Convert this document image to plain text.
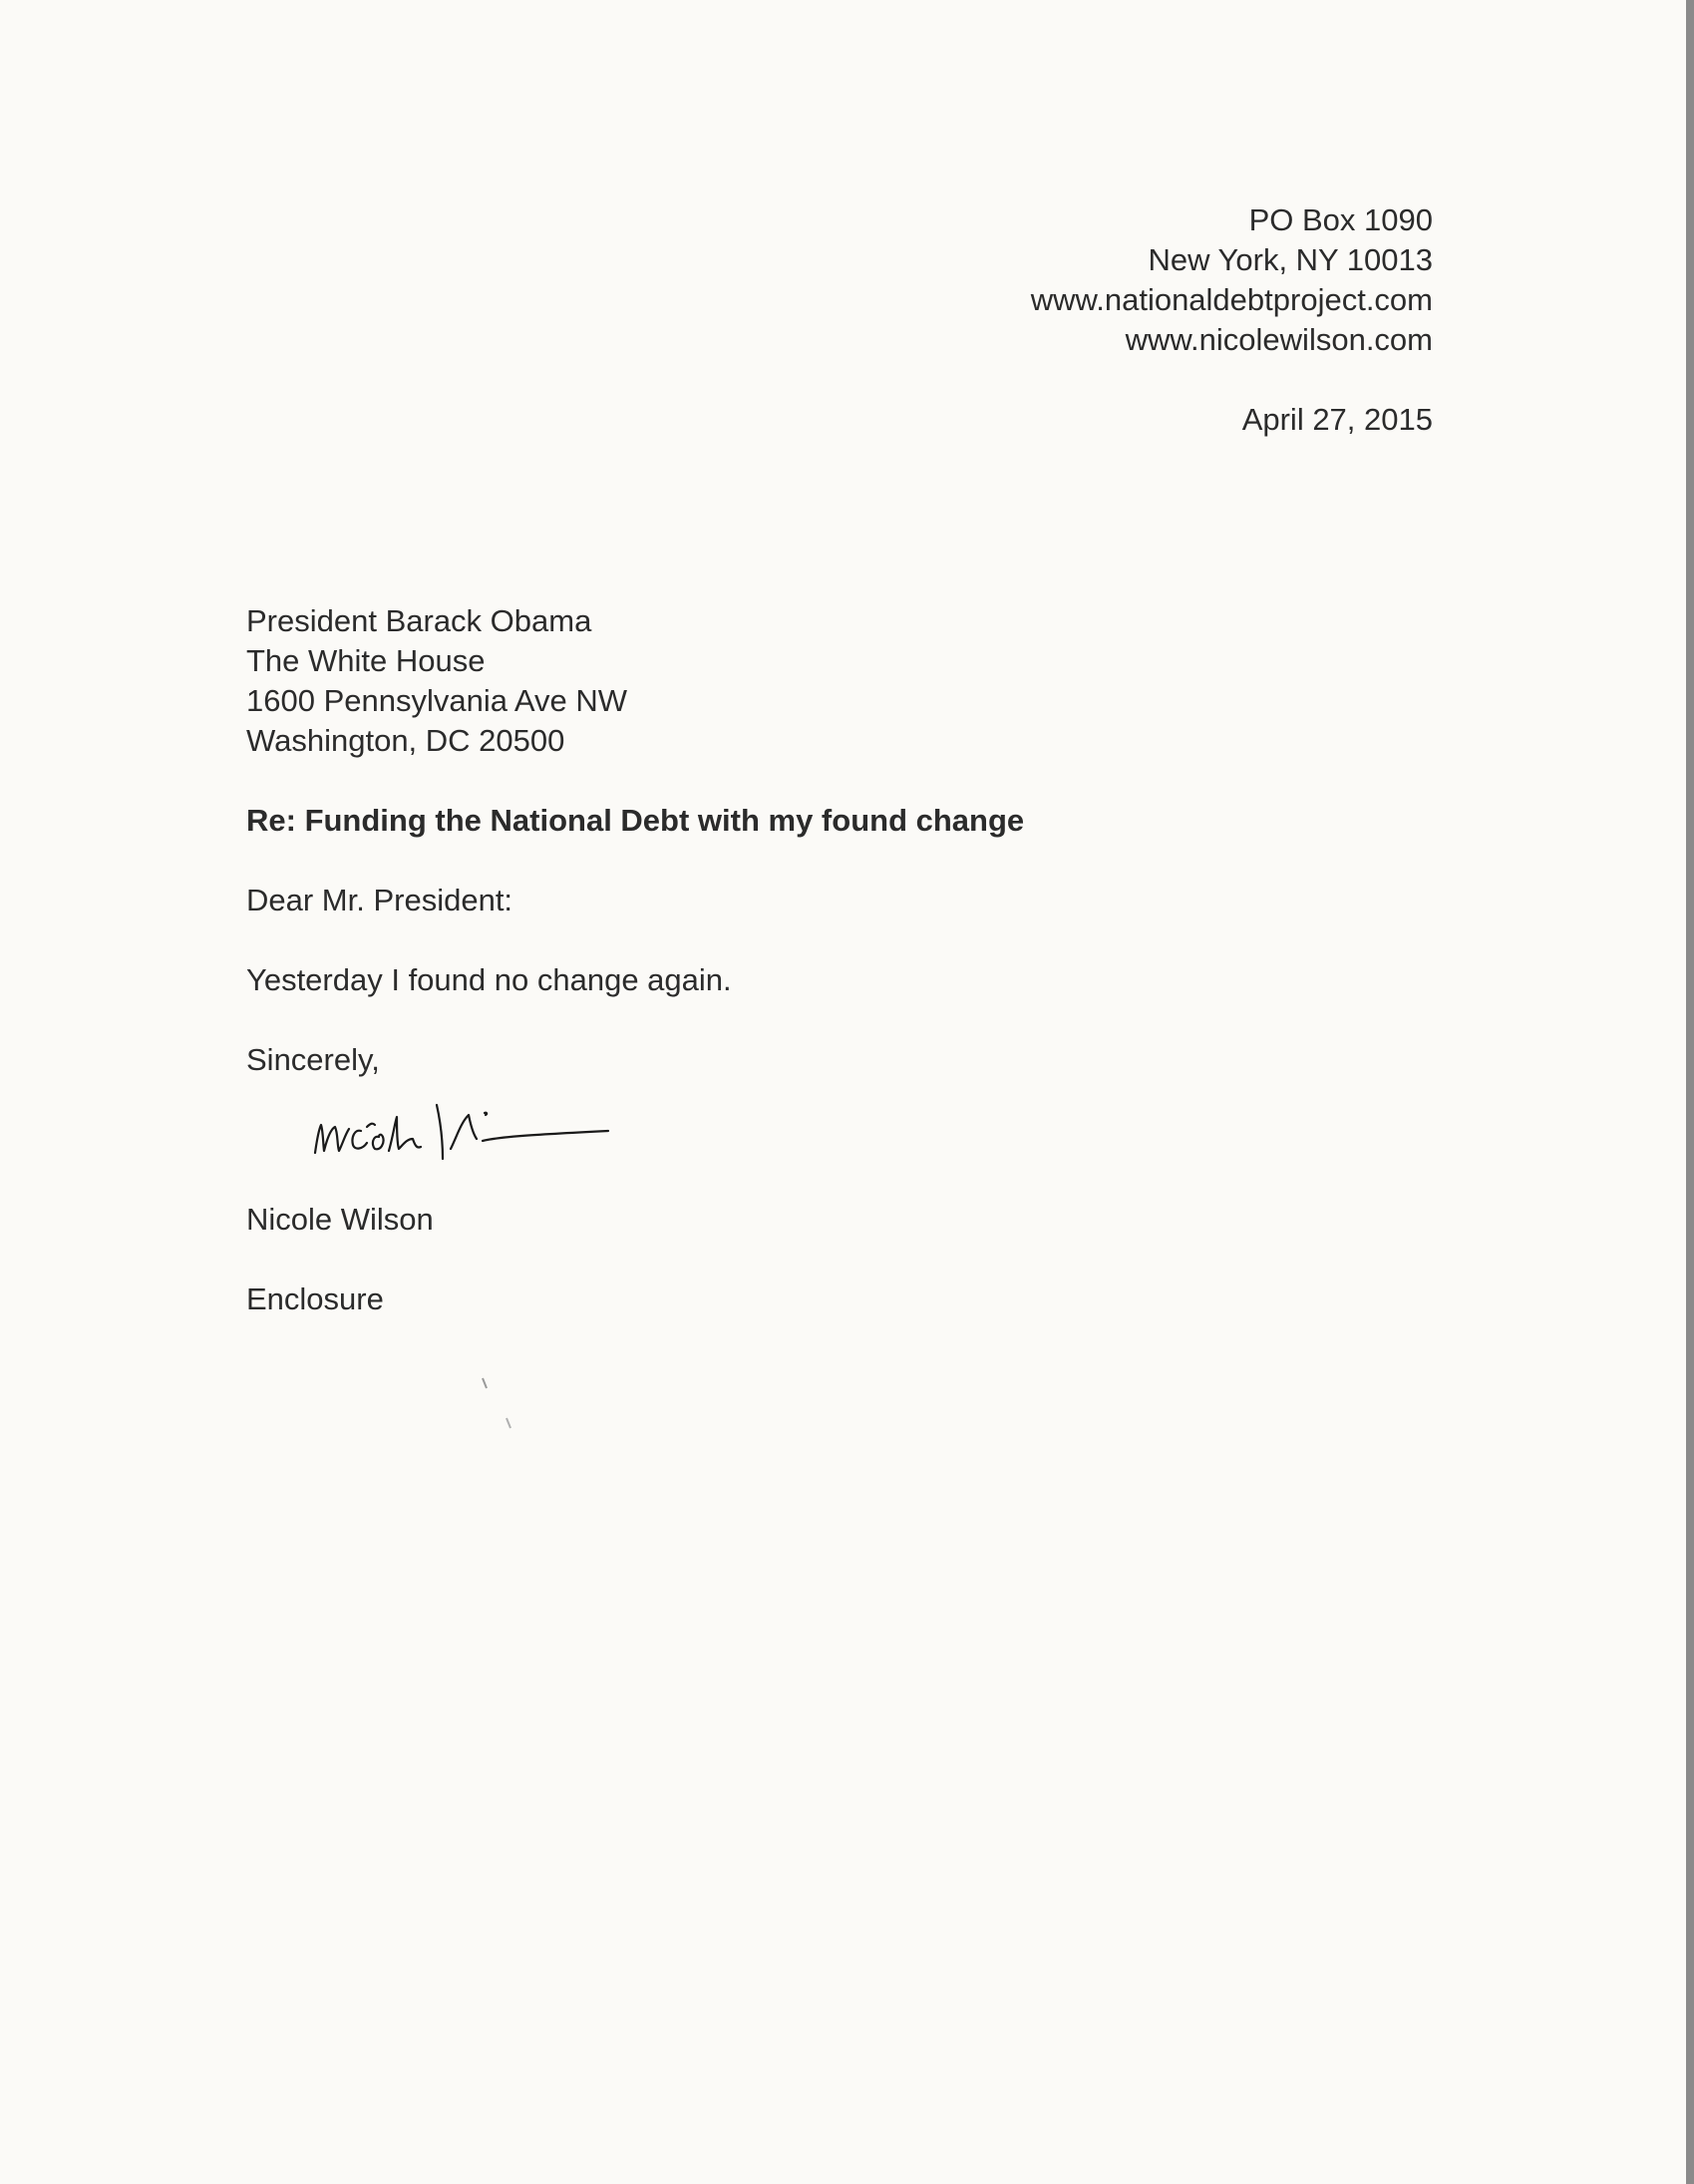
PO Box 1090
New York, NY 10013
www.nationaldebtproject.com
www.nicolewilson.com
April 27, 2015
President Barack Obama
The White House
1600 Pennsylvania Ave NW
Washington, DC 20500
Re: Funding the National Debt with my found change
Dear Mr. President:
Yesterday I found no change again.
Sincerely,
Nicole Wilson
Enclosure
